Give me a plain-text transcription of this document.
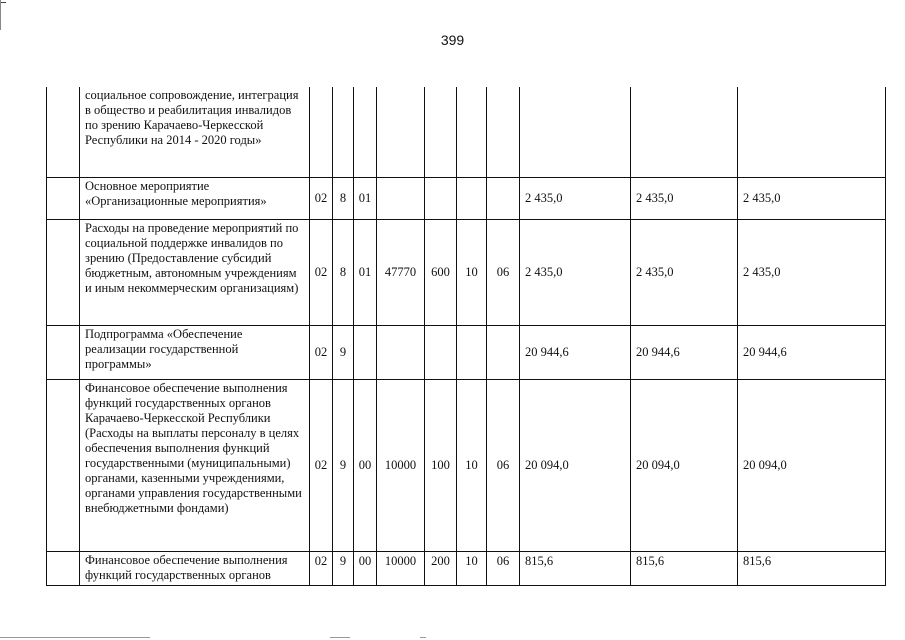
399
	социальное сопровождение, интеграция в общество и реабилитация инвалидов по зрению Карачаево-Черкесской Республики на 2014 - 2020 годы»										
	Основное мероприятие «Организационные мероприятия»	02	8	01					2 435,0	2 435,0	2 435,0
	Расходы на проведение мероприятий по социальной поддержке инвалидов по зрению (Предоставление субсидий бюджетным, автономным учреждениям и иным некоммерческим организациям)	02	8	01	47770	600	10	06	2 435,0	2 435,0	2 435,0
	Подпрограмма «Обеспечение реализации государственной программы»	02	9						20 944,6	20 944,6	20 944,6
	Финансовое обеспечение выполнения функций государственных органов Карачаево-Черкесской Республики (Расходы на выплаты персоналу в целях обеспечения выполнения функций государственными (муниципальными) органами, казенными учреждениями, органами управления государственными внебюджетными фондами)	02	9	00	10000	100	10	06	20 094,0	20 094,0	20 094,0
	Финансовое обеспечение выполнения функций государственных органов	02	9	00	10000	200	10	06	815,6	815,6	815,6
